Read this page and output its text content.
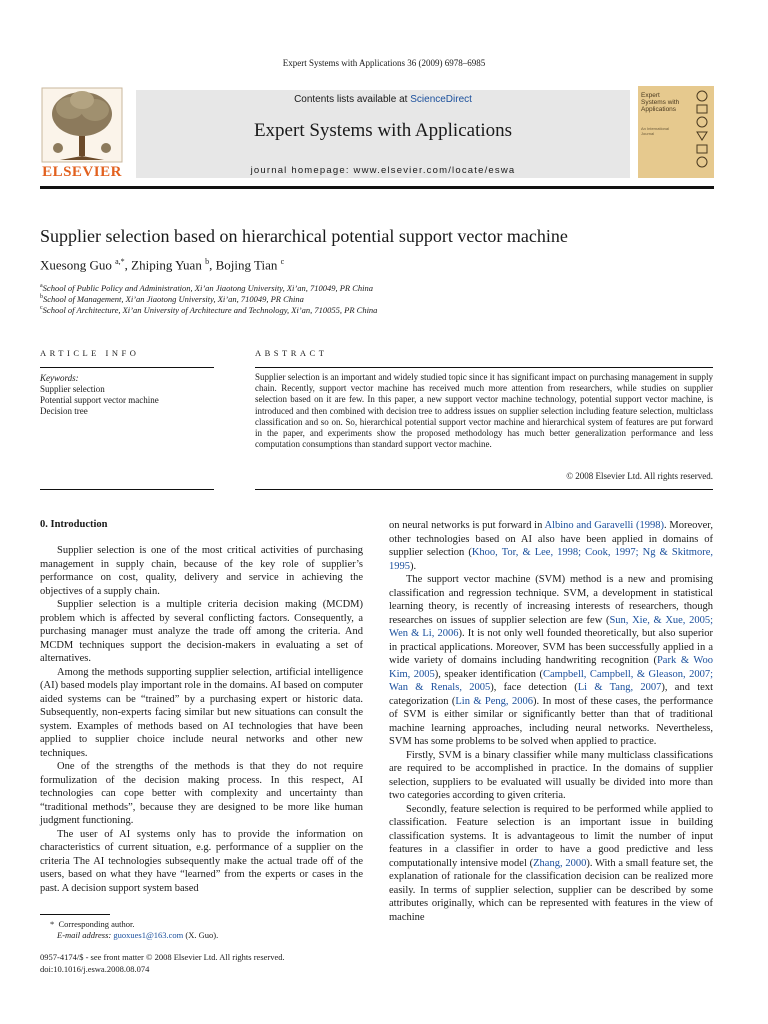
Expert Systems with Applications 36 (2009) 6978–6985
ELSEVIER
Contents lists available at ScienceDirect
Expert Systems with Applications
journal homepage: www.elsevier.com/locate/eswa
Expert Systems with Applications
An International Journal
Supplier selection based on hierarchical potential support vector machine
Xuesong Guo $^{a,*}$, Zhiping Yuan $^b$, Bojing Tian $^c$
$^a$School of Public Policy and Administration, Xi’an Jiaotong University, Xi’an, 710049, PR China
$^b$School of Management, Xi’an Jiaotong University, Xi’an, 710049, PR China
$^c$School of Architecture, Xi’an University of Architecture and Technology, Xi’an, 710055, PR China
ARTICLE INFO	ABSTRACT
Keywords:
Supplier selection
Potential support vector machine
Decision tree
Supplier selection is an important and widely studied topic since it has significant impact on purchasing management in supply chain. Recently, support vector machine has received much more attention from researchers, while studies on supplier selection based on it are few. In this paper, a new support vector machine technology, potential support vector machine, is introduced and then combined with decision tree to address issues on supplier selection including feature selection, multiclass classification and so on. So, hierarchical potential support vector machine and hierarchical system of features are put forward in the paper, and experiments show the proposed methodology has much better generalization performance and less computation consumptions than standard support vector machine.
© 2008 Elsevier Ltd. All rights reserved.
0. Introduction

Supplier selection is one of the most critical activities of purchasing management in supply chain, because of the key role of supplier’s performance on cost, quality, delivery and service in achieving the objectives of a supply chain.

Supplier selection is a multiple criteria decision making (MCDM) problem which is affected by several conflicting factors. Consequently, a purchasing manager must analyze the trade off among the criteria. And MCDM techniques support the decision-makers in evaluating a set of alternatives.

Among the methods supporting supplier selection, artificial intelligence (AI) based models play important role in the domains. AI based on computer aided systems can be “trained” by a purchasing expert or historic data. Subsequently, non-experts facing similar but new situations can consult the system. Examples of methods based on AI technologies that have been applied to supplier choice include neural networks and other new techniques.

One of the strengths of the methods is that they do not require formulization of the decision making process. In this respect, AI technologies can cope better with complexity and uncertainty than “traditional methods”, because they are designed to be more like human judgment functioning.

The user of AI systems only has to provide the information on characteristics of current situation, e.g. performance of a supplier on the criteria The AI technologies subsequently make the actual trade off of the users, based on what they have “learned” from the experts or cases in the past. A decision support system based

on neural networks is put forward in Albino and Garavelli (1998). Moreover, other technologies based on AI also have been applied in domains of supplier selection (Khoo, Tor, & Lee, 1998; Cook, 1997; Ng & Skitmore, 1995).

The support vector machine (SVM) method is a new and promising classification and regression technique. SVM, a development in statistical learning theory, is recently of increasing interests of researchers, though researches on issues of supplier selection are few (Sun, Xie, & Xue, 2005; Wen & Li, 2006). It is not only well founded theoretically, but also superior in practical applications. Moreover, SVM has been successfully applied in a wide variety of domains including handwriting recognition (Park & Woo Kim, 2005), speaker identification (Campbell, Campbell, & Gleason, 2007; Wan & Renals, 2005), face detection (Li & Tang, 2007), and text categorization (Lin & Peng, 2006). In most of these cases, the performance of SVM is either similar or significantly better than that of traditional machine learning approaches, including neural networks. Nevertheless, SVM has some problems to be solved when applied to practice.

Firstly, SVM is a binary classifier while many multiclass classifications are required to be accomplished in practice. In the domains of supplier selection, suppliers to be evaluated will usually be divided into more than two categories according to given criteria.

Secondly, feature selection is required to be performed while applied to classification. Feature selection is an important issue in building classification systems. It is advantageous to limit the number of input features in a classifier in order to have a good predictive and less computationally intensive model (Zhang, 2000). With a small feature set, the explanation of rationale for the classification decision can be realized more easily. In terms of supplier selection, supplier can be described by some attributes originally, which can be represented with features in the view of machine

* Corresponding author.
E-mail address: guoxues1@163.com (X. Guo).
0957-4174/$ - see front matter © 2008 Elsevier Ltd. All rights reserved.
doi:10.1016/j.eswa.2008.08.074
